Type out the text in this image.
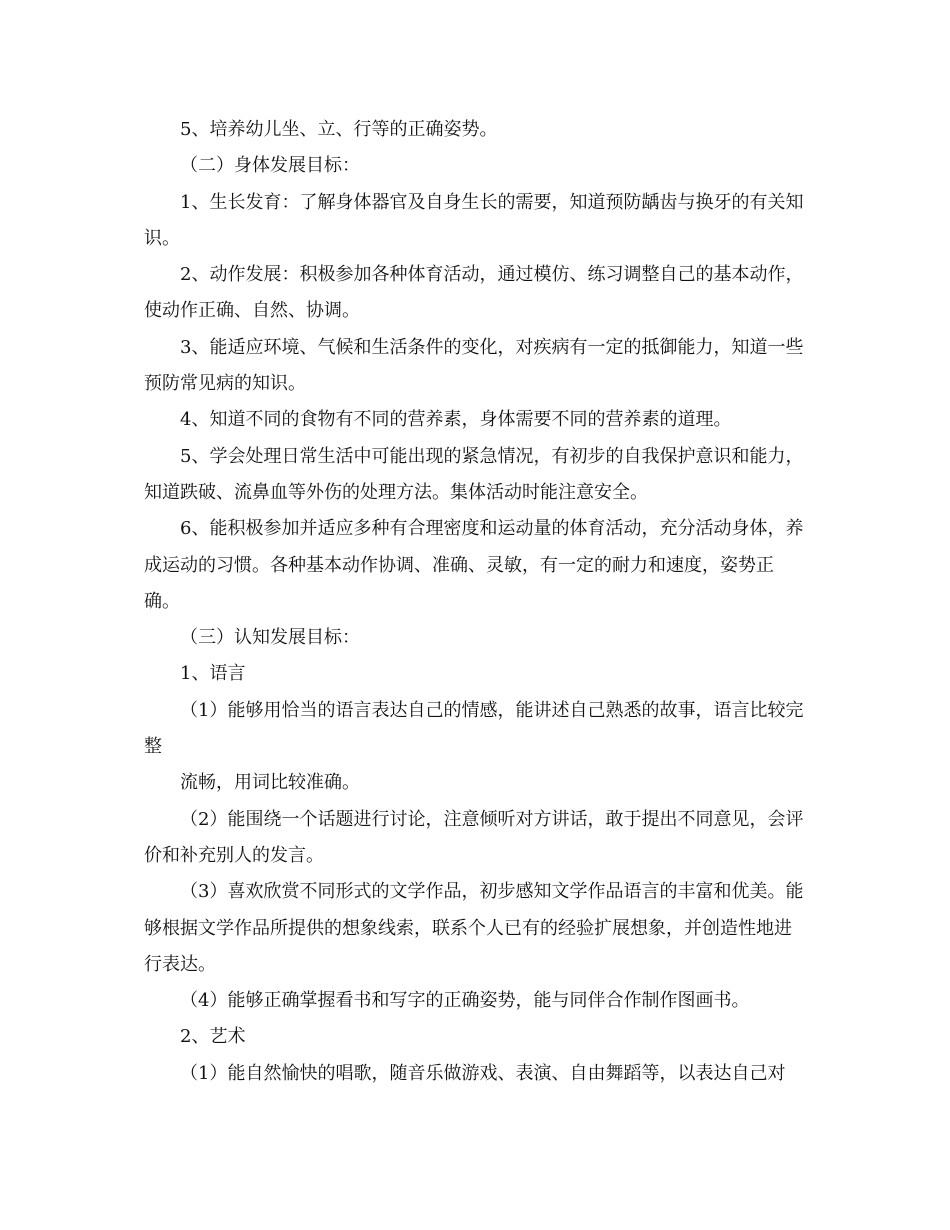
5、培养幼儿坐、立、行等的正确姿势。

（二）身体发展目标：

1、生长发育：了解身体器官及自身生长的需要，知道预防龋齿与换牙的有关知识。

2、动作发展：积极参加各种体育活动，通过模仿、练习调整自己的基本动作，使动作正确、自然、协调。

3、能适应环境、气候和生活条件的变化，对疾病有一定的抵御能力，知道一些预防常见病的知识。

4、知道不同的食物有不同的营养素，身体需要不同的营养素的道理。

5、学会处理日常生活中可能出现的紧急情况，有初步的自我保护意识和能力，知道跌破、流鼻血等外伤的处理方法。集体活动时能注意安全。

6、能积极参加并适应多种有合理密度和运动量的体育活动，充分活动身体，养成运动的习惯。各种基本动作协调、准确、灵敏，有一定的耐力和速度，姿势正确。

（三）认知发展目标：

1、语言

（1）能够用恰当的语言表达自己的情感，能讲述自己熟悉的故事，语言比较完整

流畅，用词比较准确。

（2）能围绕一个话题进行讨论，注意倾听对方讲话，敢于提出不同意见，会评价和补充别人的发言。

（3）喜欢欣赏不同形式的文学作品，初步感知文学作品语言的丰富和优美。能够根据文学作品所提供的想象线索，联系个人已有的经验扩展想象，并创造性地进行表达。

（4）能够正确掌握看书和写字的正确姿势，能与同伴合作制作图画书。

2、艺术

（1）能自然愉快的唱歌，随音乐做游戏、表演、自由舞蹈等，以表达自己对
